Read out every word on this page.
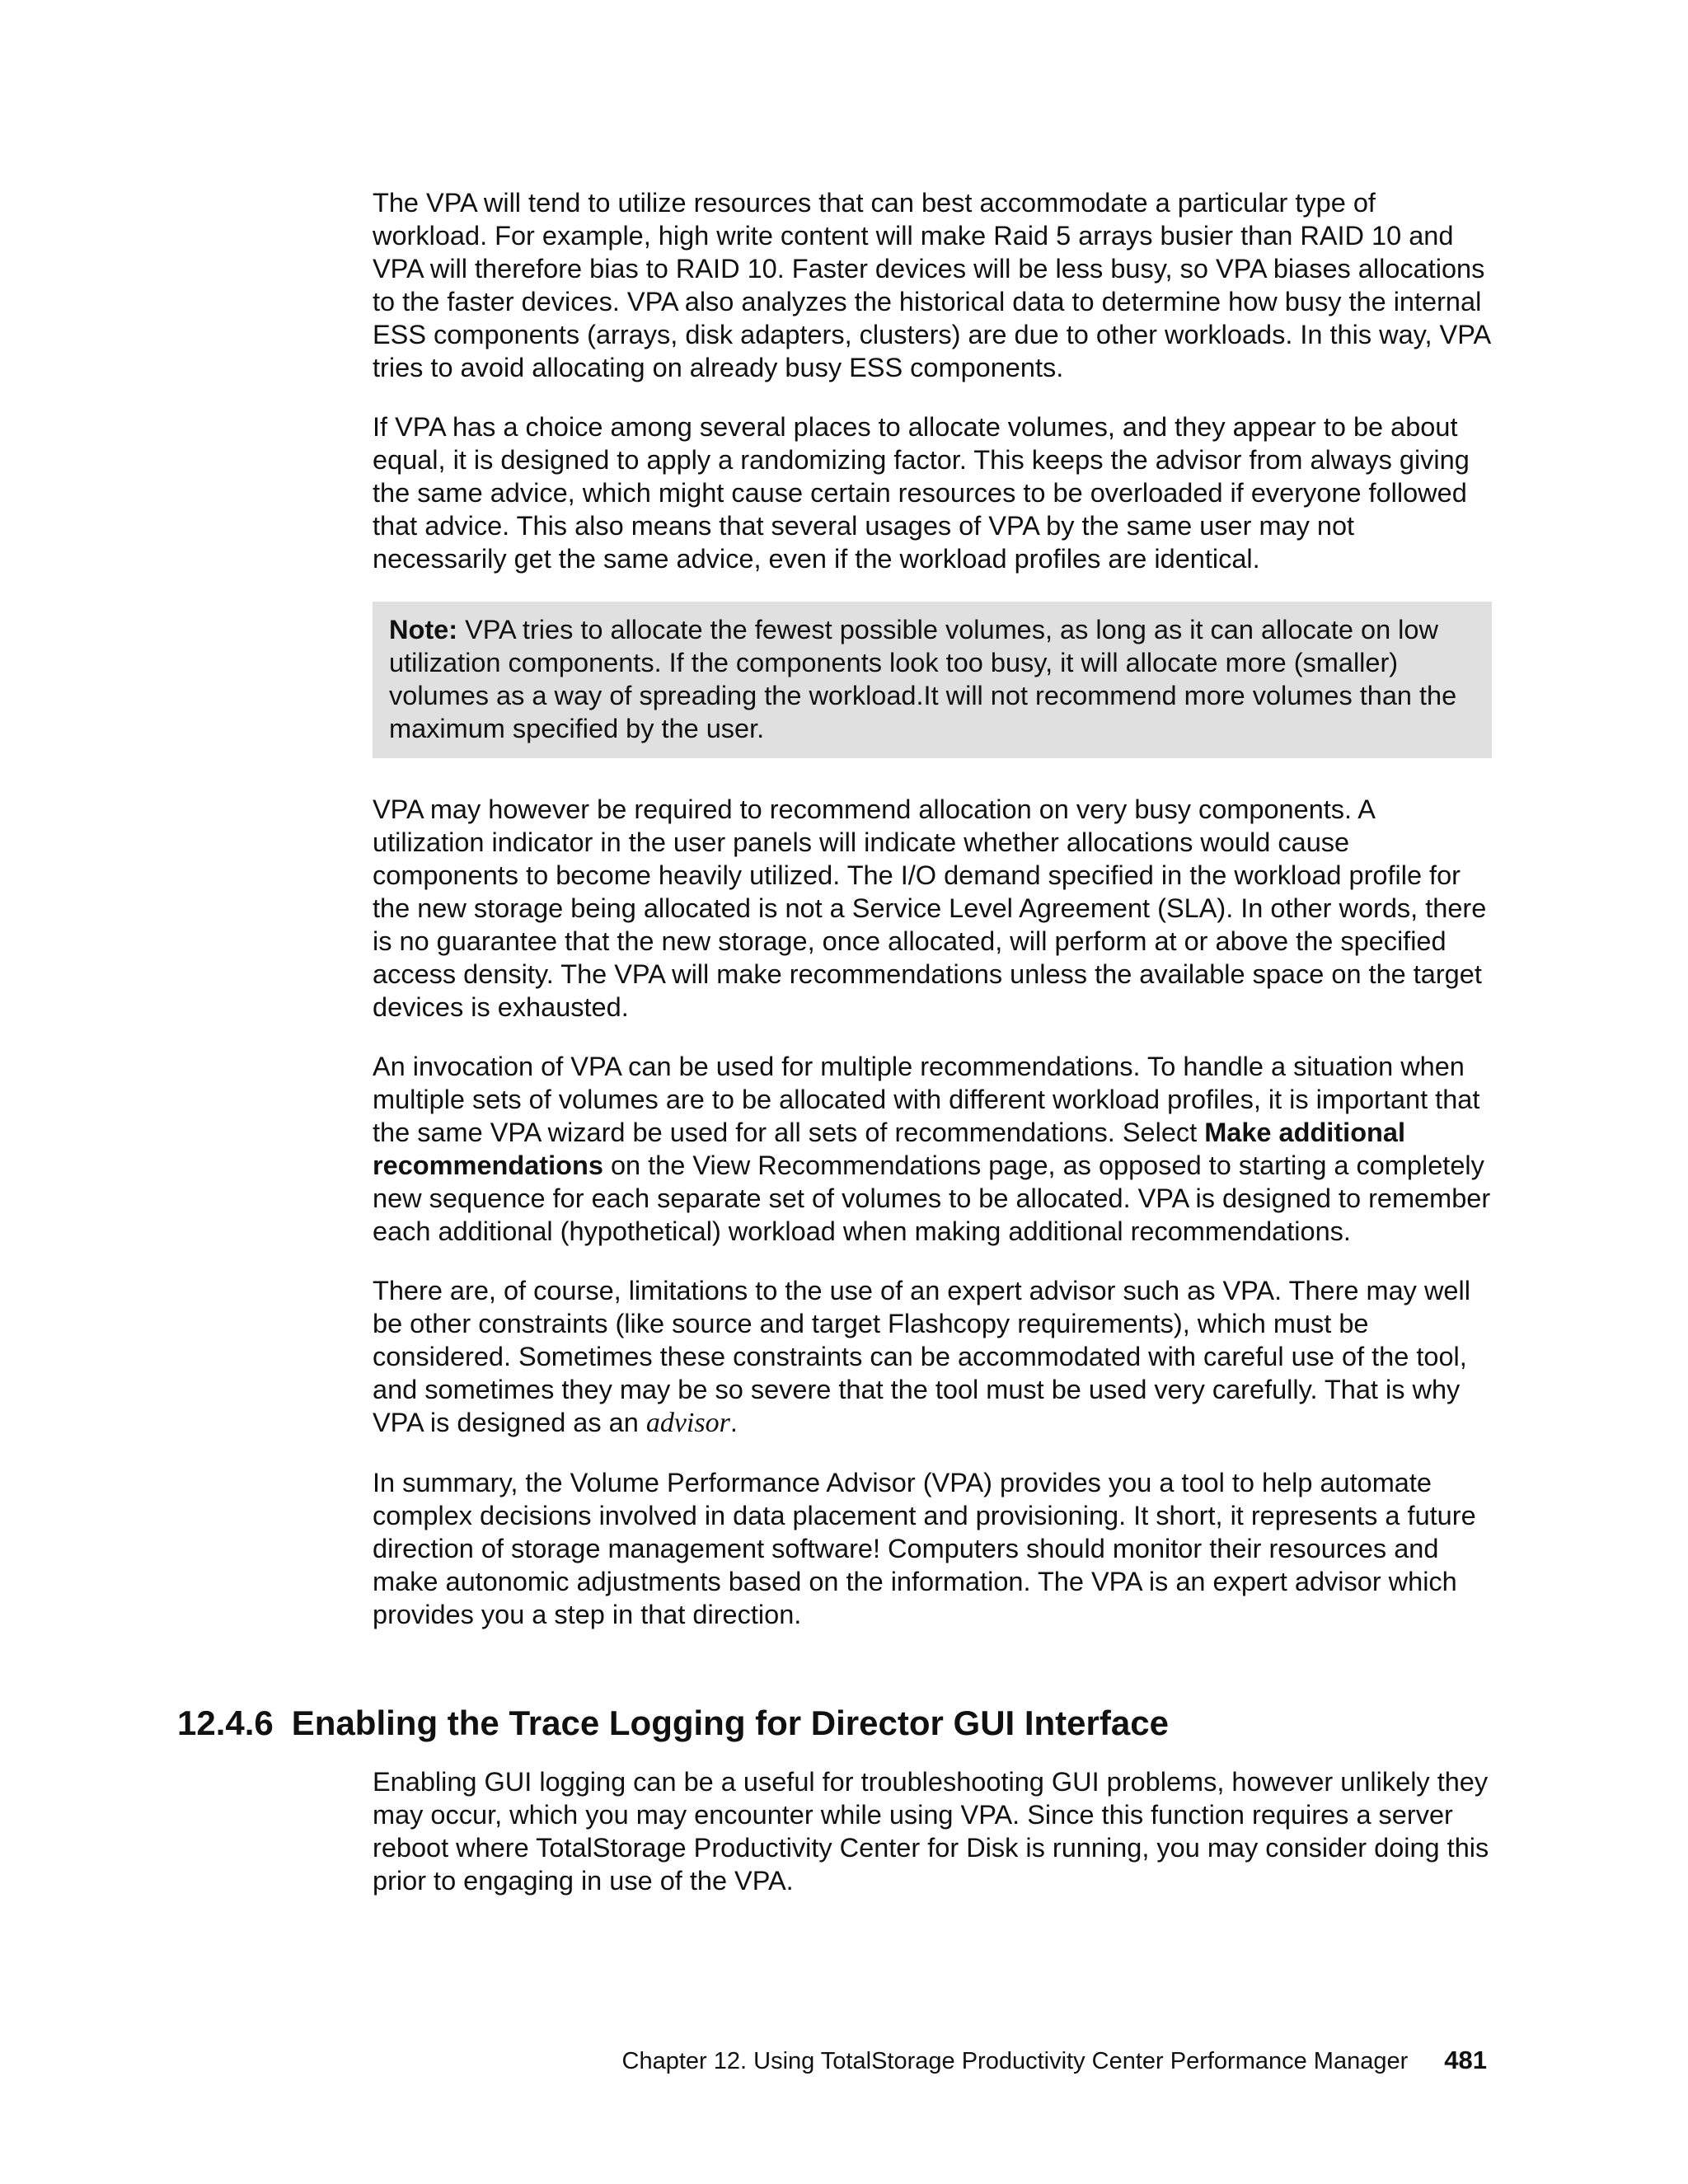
The VPA will tend to utilize resources that can best accommodate a particular type of workload. For example, high write content will make Raid 5 arrays busier than RAID 10 and VPA will therefore bias to RAID 10. Faster devices will be less busy, so VPA biases allocations to the faster devices. VPA also analyzes the historical data to determine how busy the internal ESS components (arrays, disk adapters, clusters) are due to other workloads. In this way, VPA tries to avoid allocating on already busy ESS components.

If VPA has a choice among several places to allocate volumes, and they appear to be about equal, it is designed to apply a randomizing factor. This keeps the advisor from always giving the same advice, which might cause certain resources to be overloaded if everyone followed that advice. This also means that several usages of VPA by the same user may not necessarily get the same advice, even if the workload profiles are identical.

Note: VPA tries to allocate the fewest possible volumes, as long as it can allocate on low utilization components. If the components look too busy, it will allocate more (smaller) volumes as a way of spreading the workload.It will not recommend more volumes than the maximum specified by the user.

VPA may however be required to recommend allocation on very busy components. A utilization indicator in the user panels will indicate whether allocations would cause components to become heavily utilized. The I/O demand specified in the workload profile for the new storage being allocated is not a Service Level Agreement (SLA). In other words, there is no guarantee that the new storage, once allocated, will perform at or above the specified access density. The VPA will make recommendations unless the available space on the target devices is exhausted.

An invocation of VPA can be used for multiple recommendations. To handle a situation when multiple sets of volumes are to be allocated with different workload profiles, it is important that the same VPA wizard be used for all sets of recommendations. Select Make additional recommendations on the View Recommendations page, as opposed to starting a completely new sequence for each separate set of volumes to be allocated. VPA is designed to remember each additional (hypothetical) workload when making additional recommendations.

There are, of course, limitations to the use of an expert advisor such as VPA. There may well be other constraints (like source and target Flashcopy requirements), which must be considered. Sometimes these constraints can be accommodated with careful use of the tool, and sometimes they may be so severe that the tool must be used very carefully. That is why VPA is designed as an advisor.

In summary, the Volume Performance Advisor (VPA) provides you a tool to help automate complex decisions involved in data placement and provisioning. It short, it represents a future direction of storage management software! Computers should monitor their resources and make autonomic adjustments based on the information. The VPA is an expert advisor which provides you a step in that direction.

12.4.6 Enabling the Trace Logging for Director GUI Interface

Enabling GUI logging can be a useful for troubleshooting GUI problems, however unlikely they may occur, which you may encounter while using VPA. Since this function requires a server reboot where TotalStorage Productivity Center for Disk is running, you may consider doing this prior to engaging in use of the VPA.

Chapter 12. Using TotalStorage Productivity Center Performance Manager 481
